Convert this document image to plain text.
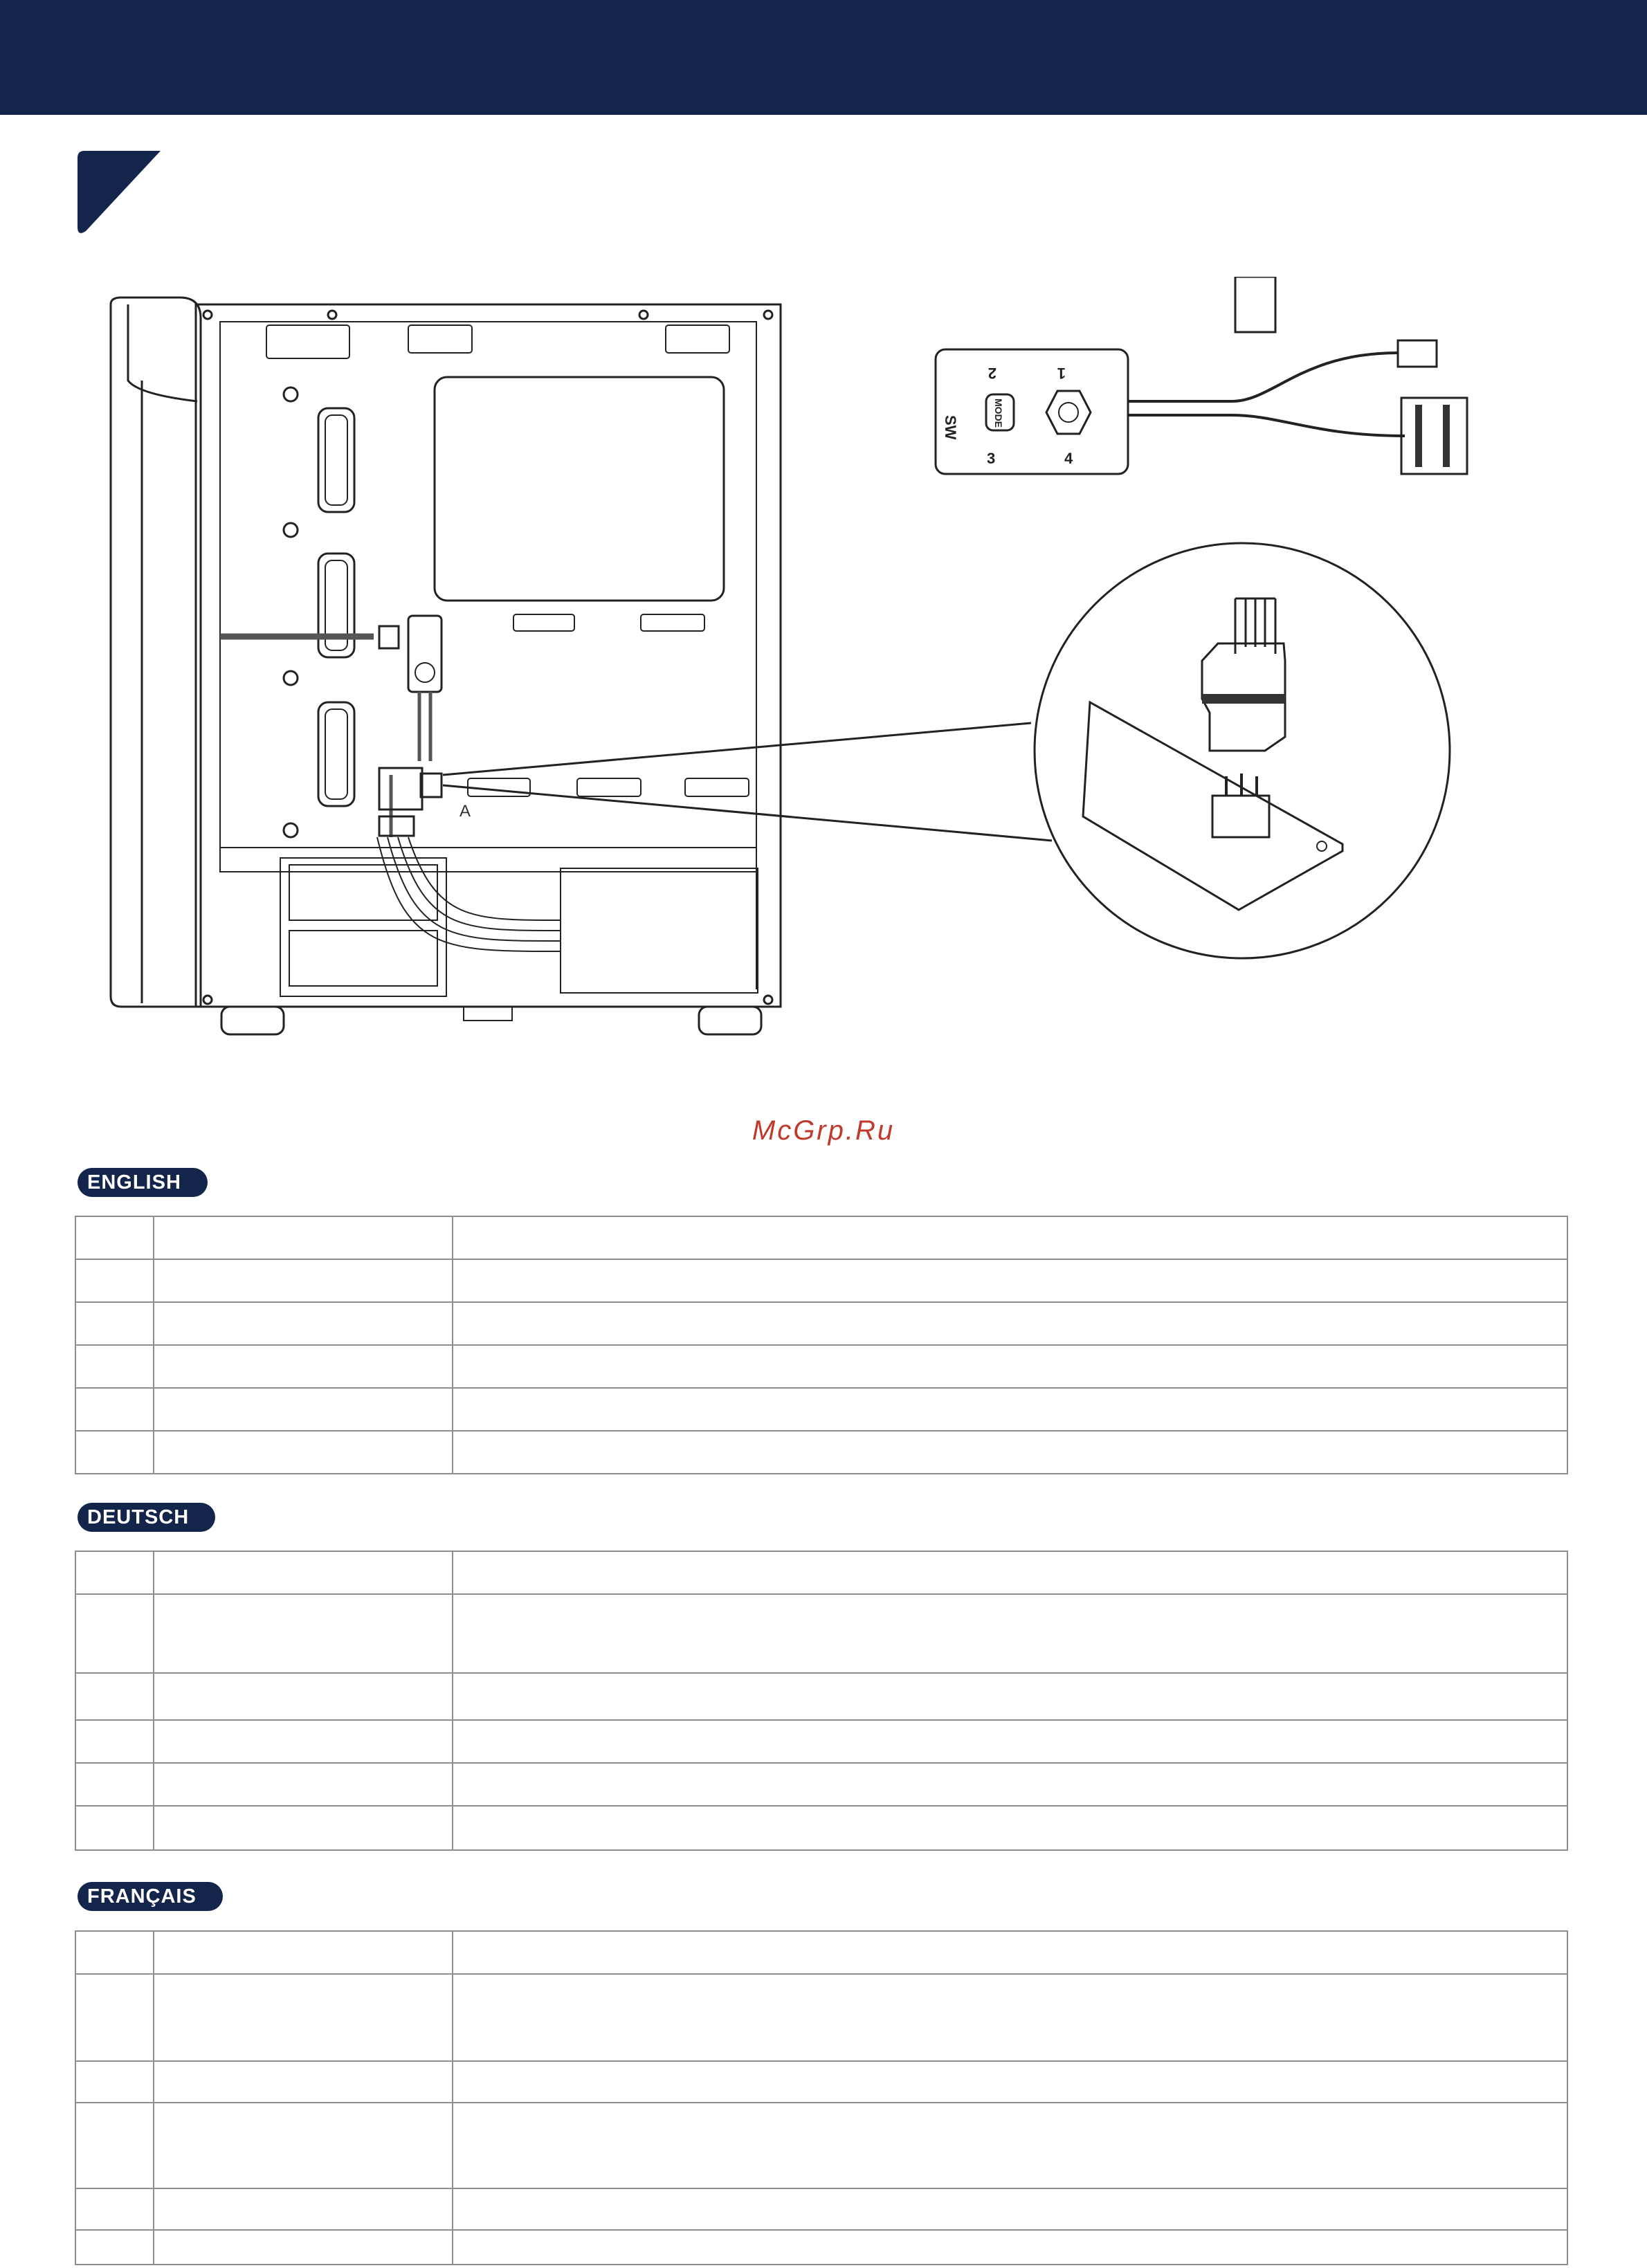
A
SW	MODE
1
2
3	4
McGrp.Ru
ENGLISH

DEUTSCH

FRANÇAIS
